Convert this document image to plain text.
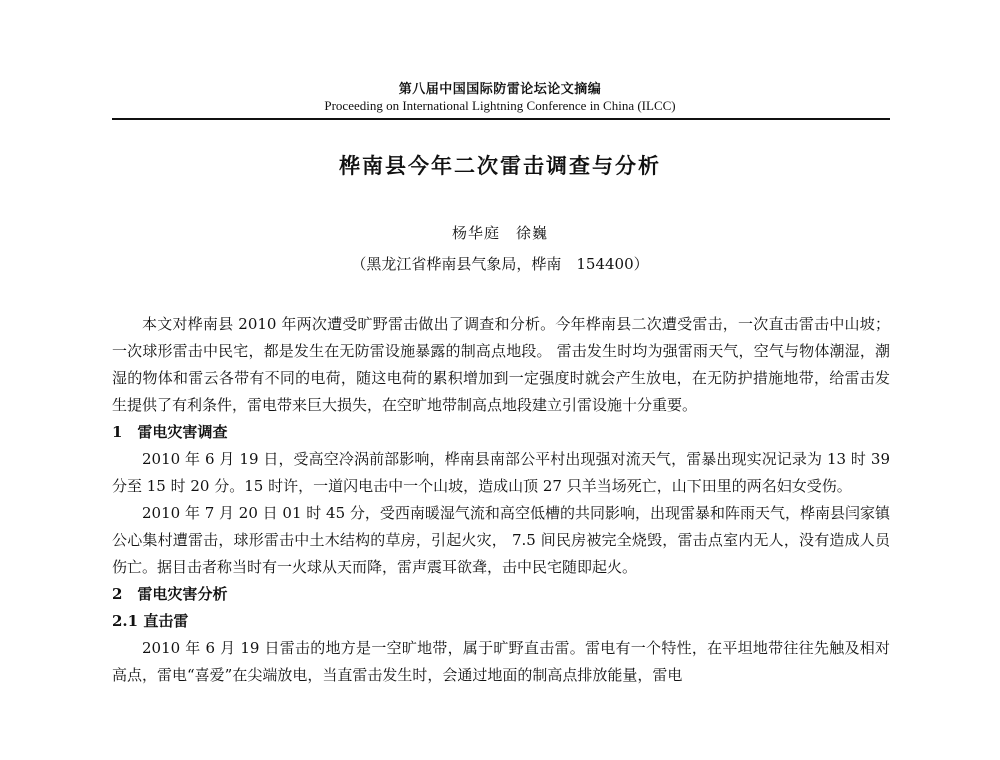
第八届中国国际防雷论坛论文摘编
Proceeding on International Lightning Conference in China (ILCC)
桦南县今年二次雷击调查与分析
杨华庭　徐巍
（黑龙江省桦南县气象局，桦南　154400）

本文对桦南县 2010 年两次遭受旷野雷击做出了调查和分析。今年桦南县二次遭受雷击，一次直击雷击中山坡；一次球形雷击中民宅，都是发生在无防雷设施暴露的制高点地段。 雷击发生时均为强雷雨天气，空气与物体潮湿，潮湿的物体和雷云各带有不同的电荷，随这电荷的累积增加到一定强度时就会产生放电，在无防护措施地带，给雷击发生提供了有利条件，雷电带来巨大损失，在空旷地带制高点地段建立引雷设施十分重要。

1　雷电灾害调查

2010 年 6 月 19 日，受高空冷涡前部影响，桦南县南部公平村出现强对流天气，雷暴出现实况记录为 13 时 39 分至 15 时 20 分。15 时许，一道闪电击中一个山坡，造成山顶 27 只羊当场死亡，山下田里的两名妇女受伤。

2010 年 7 月 20 日 01 时 45 分，受西南暖湿气流和高空低槽的共同影响，出现雷暴和阵雨天气，桦南县闫家镇公心集村遭雷击，球形雷击中土木结构的草房，引起火灾， 7.5 间民房被完全烧毁，雷击点室内无人，没有造成人员伤亡。据目击者称当时有一火球从天而降，雷声震耳欲聋，击中民宅随即起火。

2　雷电灾害分析

2.1 直击雷

2010 年 6 月 19 日雷击的地方是一空旷地带，属于旷野直击雷。雷电有一个特性，在平坦地带往往先触及相对高点，雷电“喜爱”在尖端放电，当直雷击发生时，会通过地面的制高点排放能量，雷电
